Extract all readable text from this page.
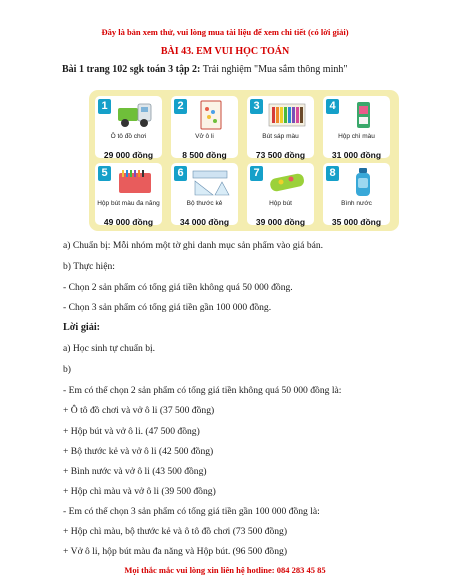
Đây là bản xem thử, vui lòng mua tài liệu để xem chi tiết (có lời giải)
BÀI 43. EM VUI HỌC TOÁN
Bài 1 trang 102 sgk toán 3 tập 2: Trải nghiệm "Mua sắm thông minh"
1
Ô tô đồ chơi
29 000 đồng
2
Vở ô li
8 500 đồng
3
Bút sáp màu
73 500 đồng
4
Hộp chì màu
31 000 đồng
5
Hộp bút màu đa năng
49 000 đồng
6
Bộ thước kẻ
34 000 đồng
7
Hộp bút
39 000 đồng
8
Bình nước
35 000 đồng
a) Chuẩn bị: Mỗi nhóm một tờ ghi danh mục sản phẩm vào giá bán.
b) Thực hiện:
- Chọn 2 sản phẩm có tổng giá tiền không quá 50 000 đồng.
- Chọn 3 sản phẩm có tổng giá tiền gần 100 000 đồng.
Lời giải:
a) Học sinh tự chuẩn bị.
b)
- Em có thể chọn 2 sản phẩm có tổng giá tiền không quá 50 000 đồng là:
+ Ô tô đồ chơi và vở ô li (37 500 đồng)
+ Hộp bút và vở ô li. (47 500 đồng)
+ Bộ thước kẻ và vở ô li (42 500 đồng)
+ Bình nước và vở ô li (43 500 đồng)
+ Hộp chì màu và vở ô li (39 500 đồng)
- Em có thể chọn 3 sản phẩm có tổng giá tiền gần 100 000 đồng là:
+ Hộp chì màu, bộ thước kẻ và ô tô đồ chơi (73 500 đồng)
+ Vở ô li, hộp bút màu đa năng và Hộp bút. (96 500 đồng)
Mọi thắc mắc vui lòng xin liên hệ hotline: 084 283 45 85
